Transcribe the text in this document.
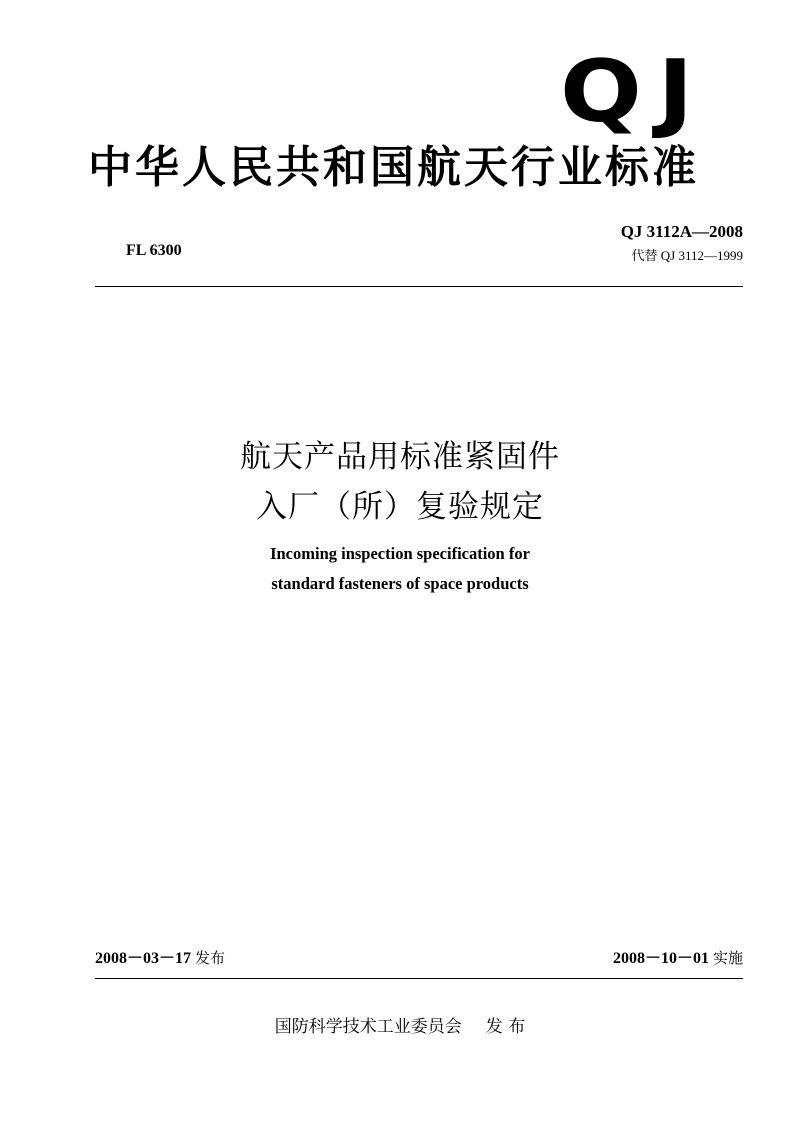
QJ
中华人民共和国航天行业标准
QJ 3112A—2008
代替 QJ 3112—1999
FL 6300
航天产品用标准紧固件
入厂（所）复验规定
Incoming inspection specification for
standard fasteners of space products
2008－03－17 发布	2008－10－01 实施
国防科学技术工业委员会 发 布
